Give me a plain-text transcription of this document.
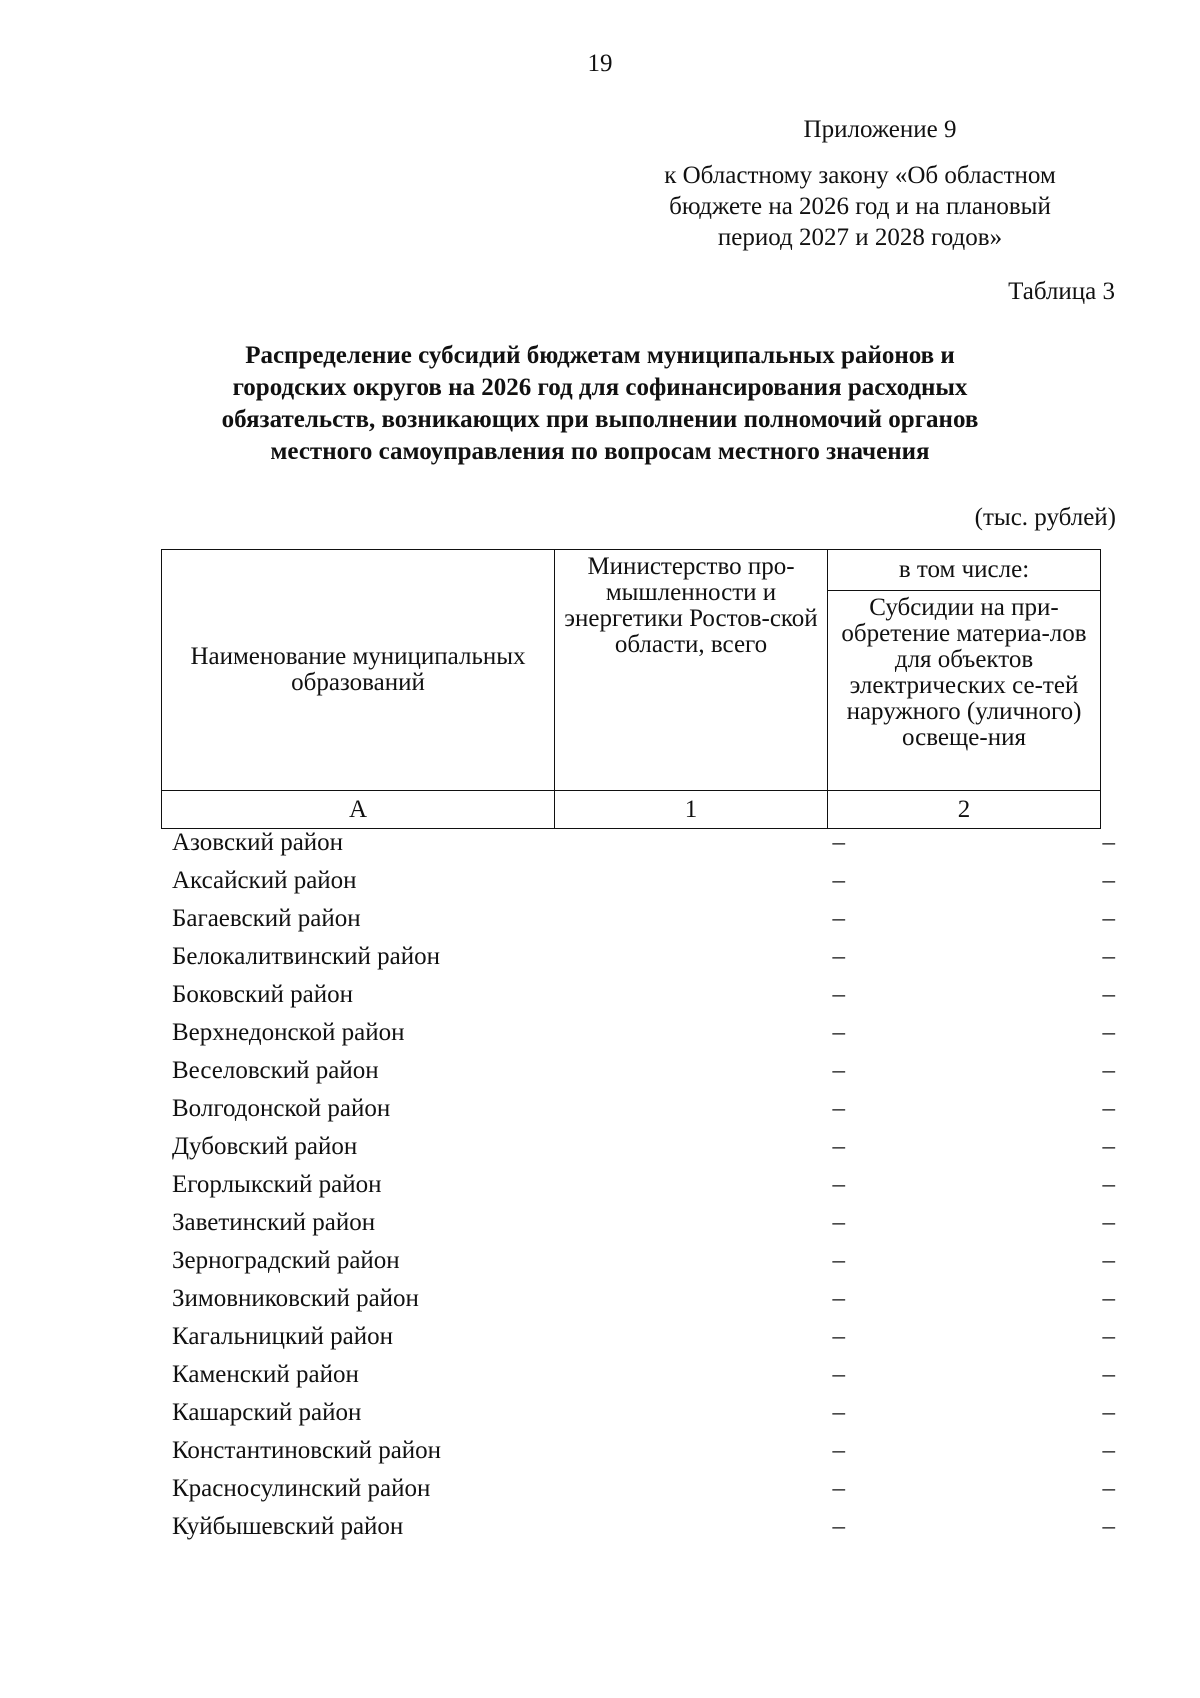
19
Приложение 9
к Областному закону «Об областном
бюджете на 2026 год и на плановый
период 2027 и 2028 годов»
Таблица 3
Распределение субсидий бюджетам муниципальных районов и
городских округов на 2026 год для софинансирования расходных
обязательств, возникающих при выполнении полномочий органов
местного самоуправления по вопросам местного значения
(тыс. рублей)
Наименование муниципальных образований	Министерство про-мышленности и энергетики Ростов-ской области, всего	в том числе:
		Субсидии на при-обретение материа-лов для объектов электрических се-тей наружного (уличного) освеще-ния
А	1	2
Азовский район	–	–
Аксайский район	–	–
Багаевский район	–	–
Белокалитвинский район	–	–
Боковский район	–	–
Верхнедонской район	–	–
Веселовский район	–	–
Волгодонской район	–	–
Дубовский район	–	–
Егорлыкский район	–	–
Заветинский район	–	–
Зерноградский район	–	–
Зимовниковский район	–	–
Кагальницкий район	–	–
Каменский район	–	–
Кашарский район	–	–
Константиновский район	–	–
Красносулинский район	–	–
Куйбышевский район	–	–
